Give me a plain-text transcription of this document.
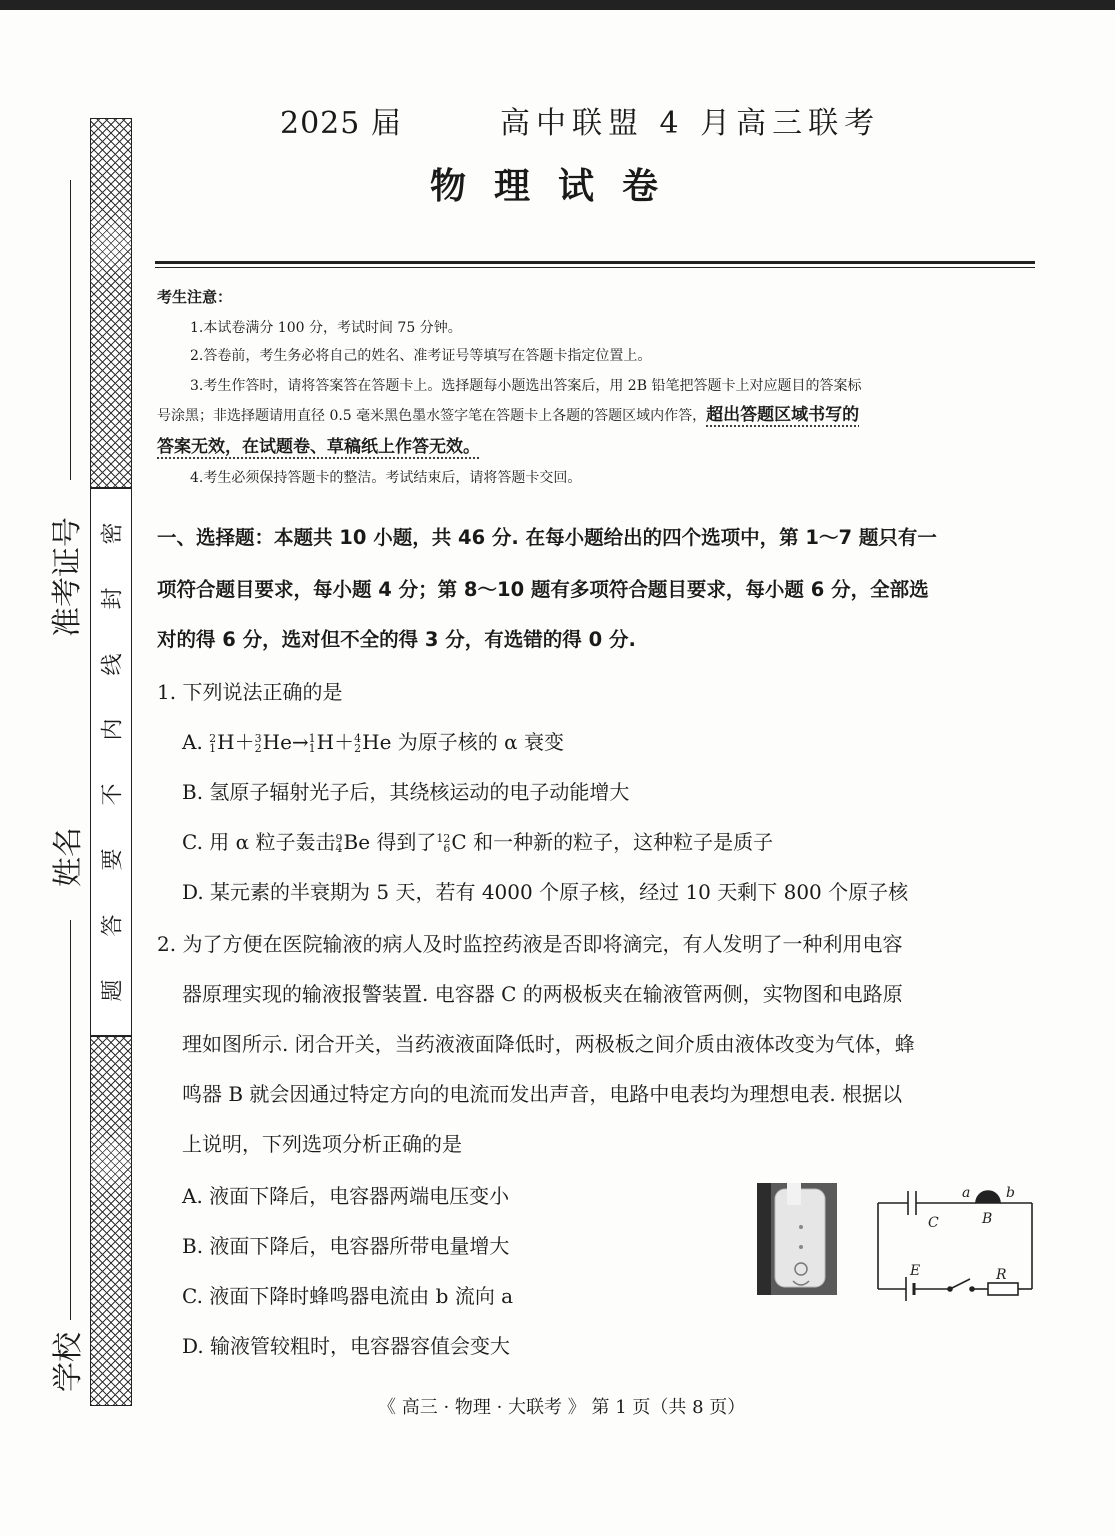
密
封
线
内
不
要
答
题
准考证号
姓名
学校
2025 届	高中联盟 4 月高三联考
物理试卷
考生注意：
1.本试卷满分 100 分，考试时间 75 分钟。
2.答卷前，考生务必将自己的姓名、准考证号等填写在答题卡指定位置上。
3.考生作答时，请将答案答在答题卡上。选择题每小题选出答案后，用 2B 铅笔把答题卡上对应题目的答案标
号涂黑；非选择题请用直径 0.5 毫米黑色墨水签字笔在答题卡上各题的答题区域内作答，超出答题区域书写的
答案无效，在试题卷、草稿纸上作答无效。
4.考生必须保持答题卡的整洁。考试结束后，请将答题卡交回。
一、选择题：本题共 10 小题，共 46 分. 在每小题给出的四个选项中，第 1～7 题只有一
项符合题目要求，每小题 4 分；第 8～10 题有多项符合题目要求，每小题 6 分，全部选
对的得 6 分，选对但不全的得 3 分，有选错的得 0 分.
1. 下列说法正确的是
A. 2
1H＋3
2He→1
1H＋4
2He 为原子核的 α 衰变
B. 氢原子辐射光子后，其绕核运动的电子动能增大
C. 用 α 粒子轰击9
4Be 得到了12
6C 和一种新的粒子，这种粒子是质子
D. 某元素的半衰期为 5 天，若有 4000 个原子核，经过 10 天剩下 800 个原子核
2. 为了方便在医院输液的病人及时监控药液是否即将滴完，有人发明了一种利用电容
器原理实现的输液报警装置. 电容器 C 的两极板夹在输液管两侧，实物图和电路原
理如图所示. 闭合开关，当药液液面降低时，两极板之间介质由液体改变为气体，蜂
鸣器 B 就会因通过特定方向的电流而发出声音，电路中电表均为理想电表. 根据以
上说明，下列选项分析正确的是
A. 液面下降后，电容器两端电压变小
B. 液面下降后，电容器所带电量增大
C. 液面下降时蜂鸣器电流由 b 流向 a
D. 输液管较粗时，电容器容值会变大
a	b
B
C
E	R
《 高三 · 物理 · 大联考 》 第 1 页（共 8 页）
